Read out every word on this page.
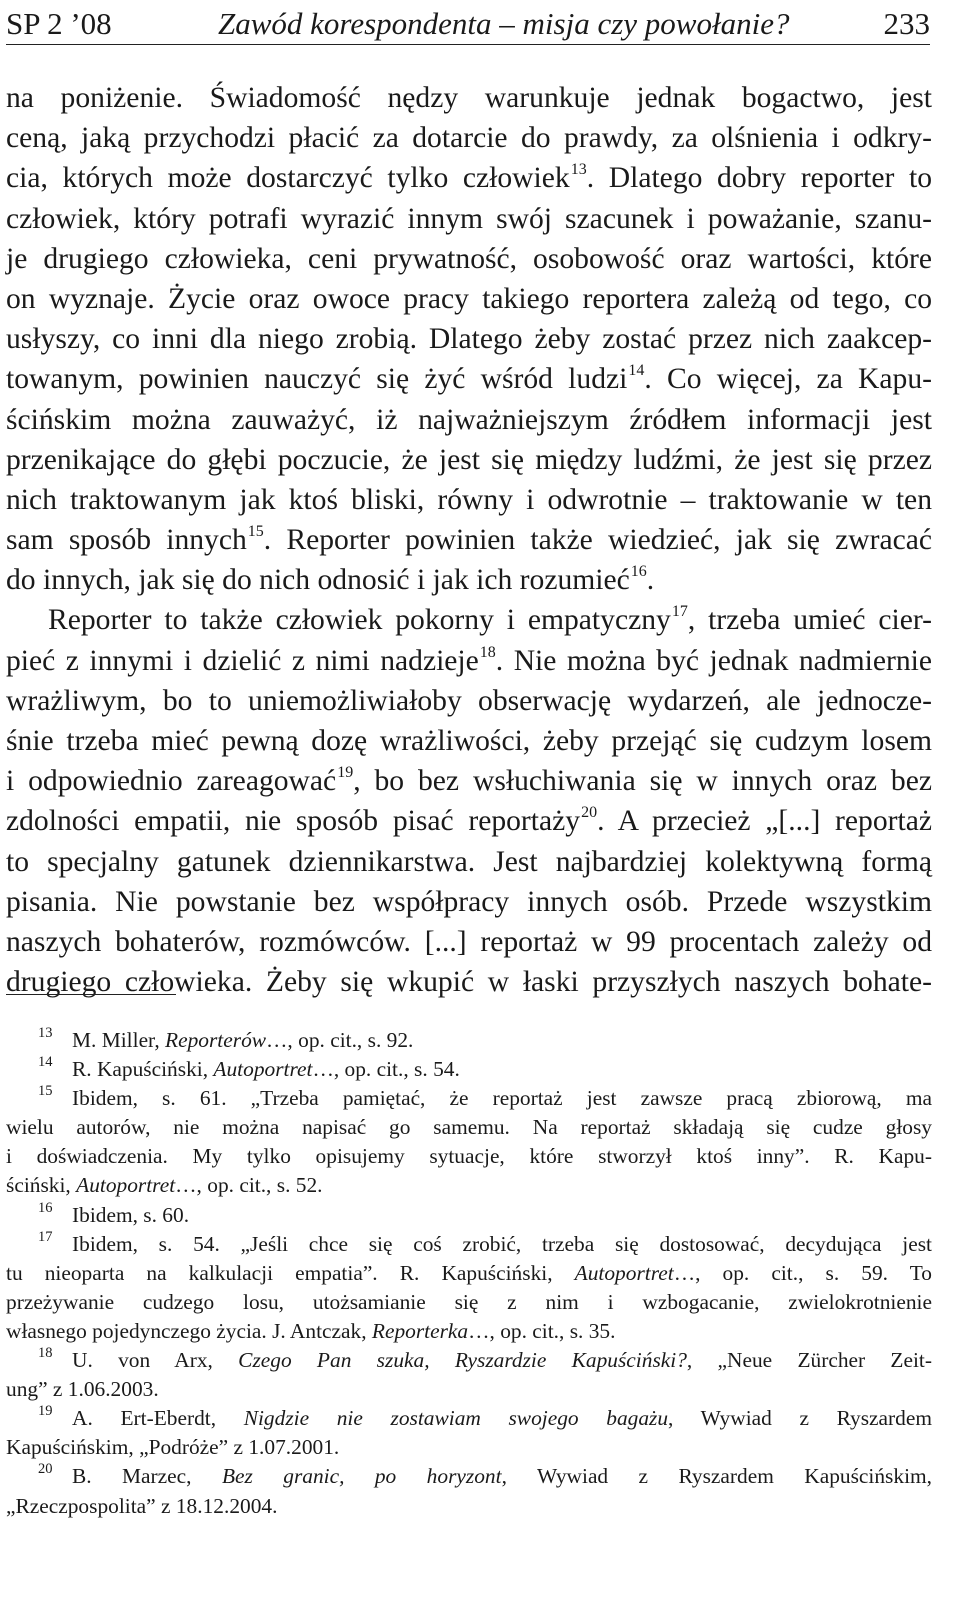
SP 2 ’08	Zawód korespondenta – misja czy powołanie?	233
na poniżenie. Świadomość nędzy warunkuje jednak bogactwo, jest
ceną, jaką przychodzi płacić za dotarcie do prawdy, za olśnienia i odkry-
cia, których może dostarczyć tylko człowiek$^{13}$. Dlatego dobry reporter to
człowiek, który potrafi wyrazić innym swój szacunek i poważanie, szanu-
je drugiego człowieka, ceni prywatność, osobowość oraz wartości, które
on wyznaje. Życie oraz owoce pracy takiego reportera zależą od tego, co
usłyszy, co inni dla niego zrobią. Dlatego żeby zostać przez nich zaakcep-
towanym, powinien nauczyć się żyć wśród ludzi$^{14}$. Co więcej, za Kapu-
ścińskim można zauważyć, iż najważniejszym źródłem informacji jest
przenikające do głębi poczucie, że jest się między ludźmi, że jest się przez
nich traktowanym jak ktoś bliski, równy i odwrotnie – traktowanie w ten
sam sposób innych$^{15}$. Reporter powinien także wiedzieć, jak się zwracać
do innych, jak się do nich odnosić i jak ich rozumieć$^{16}$.
Reporter to także człowiek pokorny i empatyczny$^{17}$, trzeba umieć cier-
pieć z innymi i dzielić z nimi nadzieje$^{18}$. Nie można być jednak nadmiernie
wrażliwym, bo to uniemożliwiałoby obserwację wydarzeń, ale jednocze-
śnie trzeba mieć pewną dozę wrażliwości, żeby przejąć się cudzym losem
i odpowiednio zareagować$^{19}$, bo bez wsłuchiwania się w innych oraz bez
zdolności empatii, nie sposób pisać reportaży$^{20}$. A przecież „[...] reportaż
to specjalny gatunek dziennikarstwa. Jest najbardziej kolektywną formą
pisania. Nie powstanie bez współpracy innych osób. Przede wszystkim
naszych bohaterów, rozmówców. [...] reportaż w 99 procentach zależy od
drugiego człowieka. Żeby się wkupić w łaski przyszłych naszych bohate-
13 M. Miller, Reporterów…, op. cit., s. 92.
14 R. Kapuściński, Autoportret…, op. cit., s. 54.
15 Ibidem, s. 61. „Trzeba pamiętać, że reportaż jest zawsze pracą zbiorową, ma
wielu autorów, nie można napisać go samemu. Na reportaż składają się cudze głosy
i doświadczenia. My tylko opisujemy sytuacje, które stworzył ktoś inny”. R. Kapu-
ściński, Autoportret…, op. cit., s. 52.
16 Ibidem, s. 60.
17 Ibidem, s. 54. „Jeśli chce się coś zrobić, trzeba się dostosować, decydująca jest
tu nieoparta na kalkulacji empatia”. R. Kapuściński, Autoportret…, op. cit., s. 59. To
przeżywanie cudzego losu, utożsamianie się z nim i wzbogacanie, zwielokrotnienie
własnego pojedynczego życia. J. Antczak, Reporterka…, op. cit., s. 35.
18 U. von Arx, Czego Pan szuka, Ryszardzie Kapuściński?, „Neue Zürcher Zeit-
ung” z 1.06.2003.
19 A. Ert-Eberdt, Nigdzie nie zostawiam swojego bagażu, Wywiad z Ryszardem
Kapuścińskim, „Podróże” z 1.07.2001.
20 B. Marzec, Bez granic, po horyzont, Wywiad z Ryszardem Kapuścińskim,
„Rzeczpospolita” z 18.12.2004.
